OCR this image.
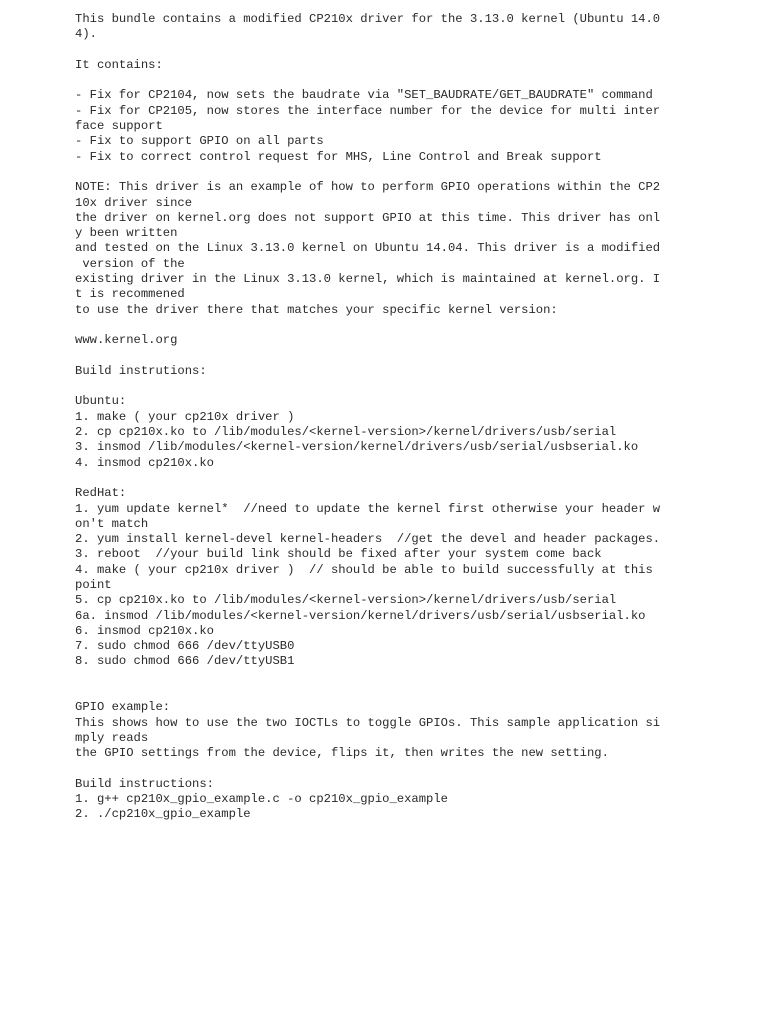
This bundle contains a modified CP210x driver for the 3.13.0 kernel (Ubuntu 14.0
4).
It contains:
- Fix for CP2104, now sets the baudrate via "SET_BAUDRATE/GET_BAUDRATE" command
- Fix for CP2105, now stores the interface number for the device for multi inter
face support
- Fix to support GPIO on all parts
- Fix to correct control request for MHS, Line Control and Break support
NOTE: This driver is an example of how to perform GPIO operations within the CP2
10x driver since
the driver on kernel.org does not support GPIO at this time. This driver has onl
y been written
and tested on the Linux 3.13.0 kernel on Ubuntu 14.04. This driver is a modified
version of the
existing driver in the Linux 3.13.0 kernel, which is maintained at kernel.org. I
t is recommened
to use the driver there that matches your specific kernel version:
www.kernel.org
Build instrutions:
Ubuntu:
1. make ( your cp210x driver )
2. cp cp210x.ko to /lib/modules/<kernel-version>/kernel/drivers/usb/serial
3. insmod /lib/modules/<kernel-version/kernel/drivers/usb/serial/usbserial.ko
4. insmod cp210x.ko
RedHat:
1. yum update kernel*  //need to update the kernel first otherwise your header w
on't match
2. yum install kernel-devel kernel-headers  //get the devel and header packages.
3. reboot  //your build link should be fixed after your system come back
4. make ( your cp210x driver )  // should be able to build successfully at this
point
5. cp cp210x.ko to /lib/modules/<kernel-version>/kernel/drivers/usb/serial
6a. insmod /lib/modules/<kernel-version/kernel/drivers/usb/serial/usbserial.ko
6. insmod cp210x.ko
7. sudo chmod 666 /dev/ttyUSB0
8. sudo chmod 666 /dev/ttyUSB1
GPIO example:
This shows how to use the two IOCTLs to toggle GPIOs. This sample application si
mply reads
the GPIO settings from the device, flips it, then writes the new setting.
Build instructions:
1. g++ cp210x_gpio_example.c -o cp210x_gpio_example
2. ./cp210x_gpio_example
